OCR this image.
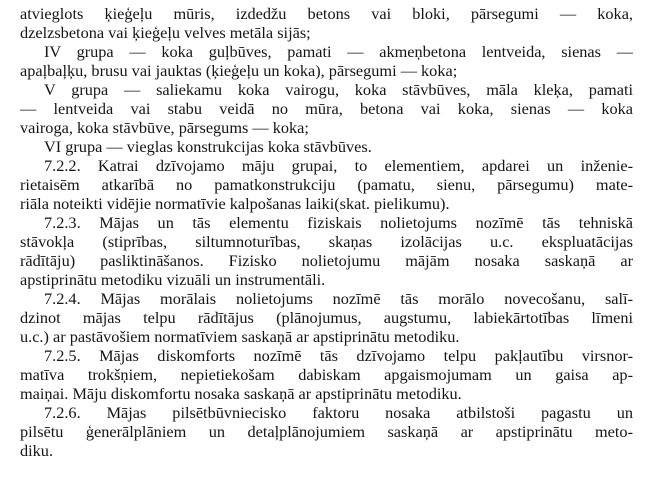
atvieglots ķieģeļu mūris, izdedžu betons vai bloki, pārsegumi — koka,
dzelzsbetona vai ķieģeļu velves metāla sijās;
IV grupa — koka guļbūves, pamati — akmeņbetona lentveida, sienas —
apaļbaļķu, brusu vai jauktas (ķieģeļu un koka), pārsegumi — koka;
V grupa — saliekamu koka vairogu, koka stāvbūves, māla kleķa, pamati
— lentveida vai stabu veidā no mūra, betona vai koka, sienas — koka
vairoga, koka stāvbūve, pārsegums — koka;
VI grupa — vieglas konstrukcijas koka stāvbūves.
7.2.2. Katrai dzīvojamo māju grupai, to elementiem, apdarei un inženie-
rietaisēm atkarībā no pamatkonstrukciju (pamatu, sienu, pārsegumu) mate-
riāla noteikti vidējie normatīvie kalpošanas laiki(skat. pielikumu).
7.2.3. Mājas un tās elementu fiziskais nolietojums nozīmē tās tehniskā
stāvokļa (stiprības, siltumnoturības, skaņas izolācijas u.c. ekspluatācijas
rādītāju) pasliktināšanos. Fizisko nolietojumu mājām nosaka saskaņā ar
apstiprinātu metodiku vizuāli un instrumentāli.
7.2.4. Mājas morālais nolietojums nozīmē tās morālo novecošanu, salī-
dzinot mājas telpu rādītājus (plānojumus, augstumu, labiekārtotības līmeni
u.c.) ar pastāvošiem normatīviem saskaņā ar apstiprinātu metodiku.
7.2.5. Mājas diskomforts nozīmē tās dzīvojamo telpu pakļautību virsnor-
matīva trokšņiem, nepietiekošam dabiskam apgaismojumam un gaisa ap-
maiņai. Māju diskomfortu nosaka saskaņā ar apstiprinātu metodiku.
7.2.6. Mājas pilsētbūvnieciskо faktoru nosaka atbilstoši pagastu un
pilsētu ģenerālplāniem un detaļplānojumiem saskaņā ar apstiprinātu meto-
diku.
